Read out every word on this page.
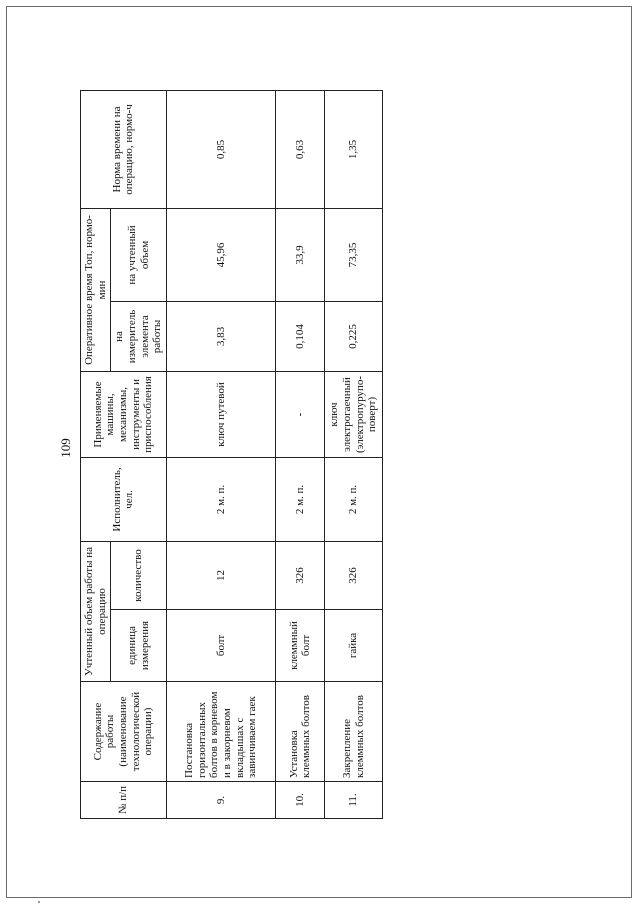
109
№ п/п	Содержание работы (наименование технологической операции)	Учтенный объем работы на операцию		Исполнитель, чел.	Применяемые машины, механизмы, инструменты и приспособления	Оперативное время Топ, нормо-мин		Норма времени на операцию, нормо-ч
		единица измерения	количество			на измеритель элемента работы	на учтенный объем	
9.	Постановка горизонтальных болтов в корневом и в закорневом вкладышах с завинчиваем гаек	болт	12	2 м. п.	ключ путевой	3,83	45,96	0,85
10.	Установка клеммных болтов	клеммный болт	326	2 м. п.	-	0,104	33,9	0,63
11.	Закрепление клеммных болтов	гайка	326	2 м. п.	ключ электрогаечный (электропурупо-поверт)	0,225	73,35	1,35
